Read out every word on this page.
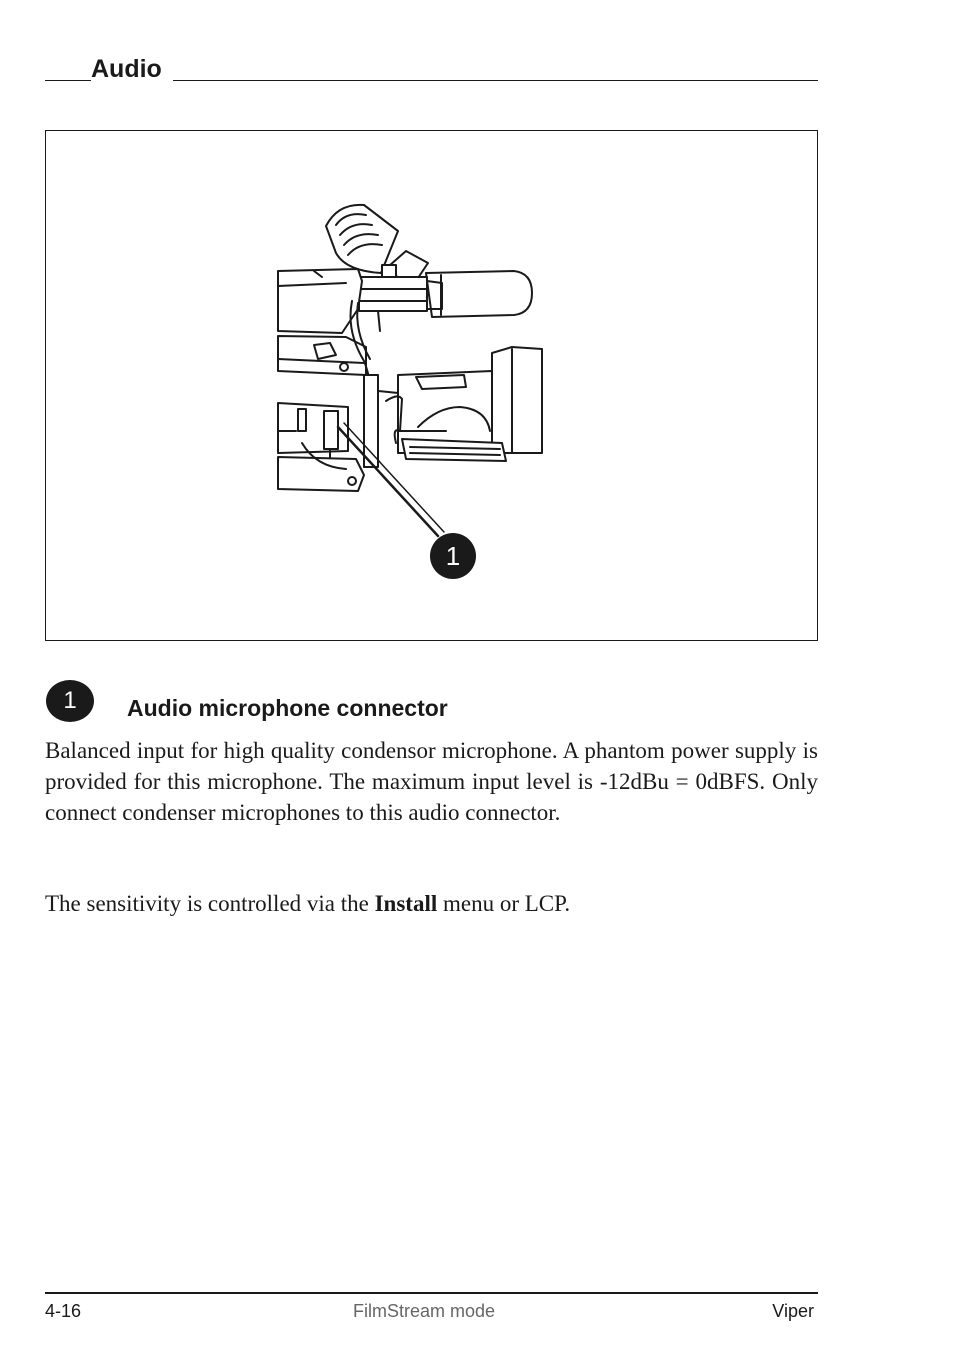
Audio
1
1	Audio microphone connector

Balanced input for high quality condensor microphone. A phantom power supply is provided for this microphone. The maximum input level is -12dBu = 0dBFS. Only connect condenser microphones to this audio connector.

The sensitivity is controlled via the Install menu or LCP.

4-16	FilmStream mode	Viper
